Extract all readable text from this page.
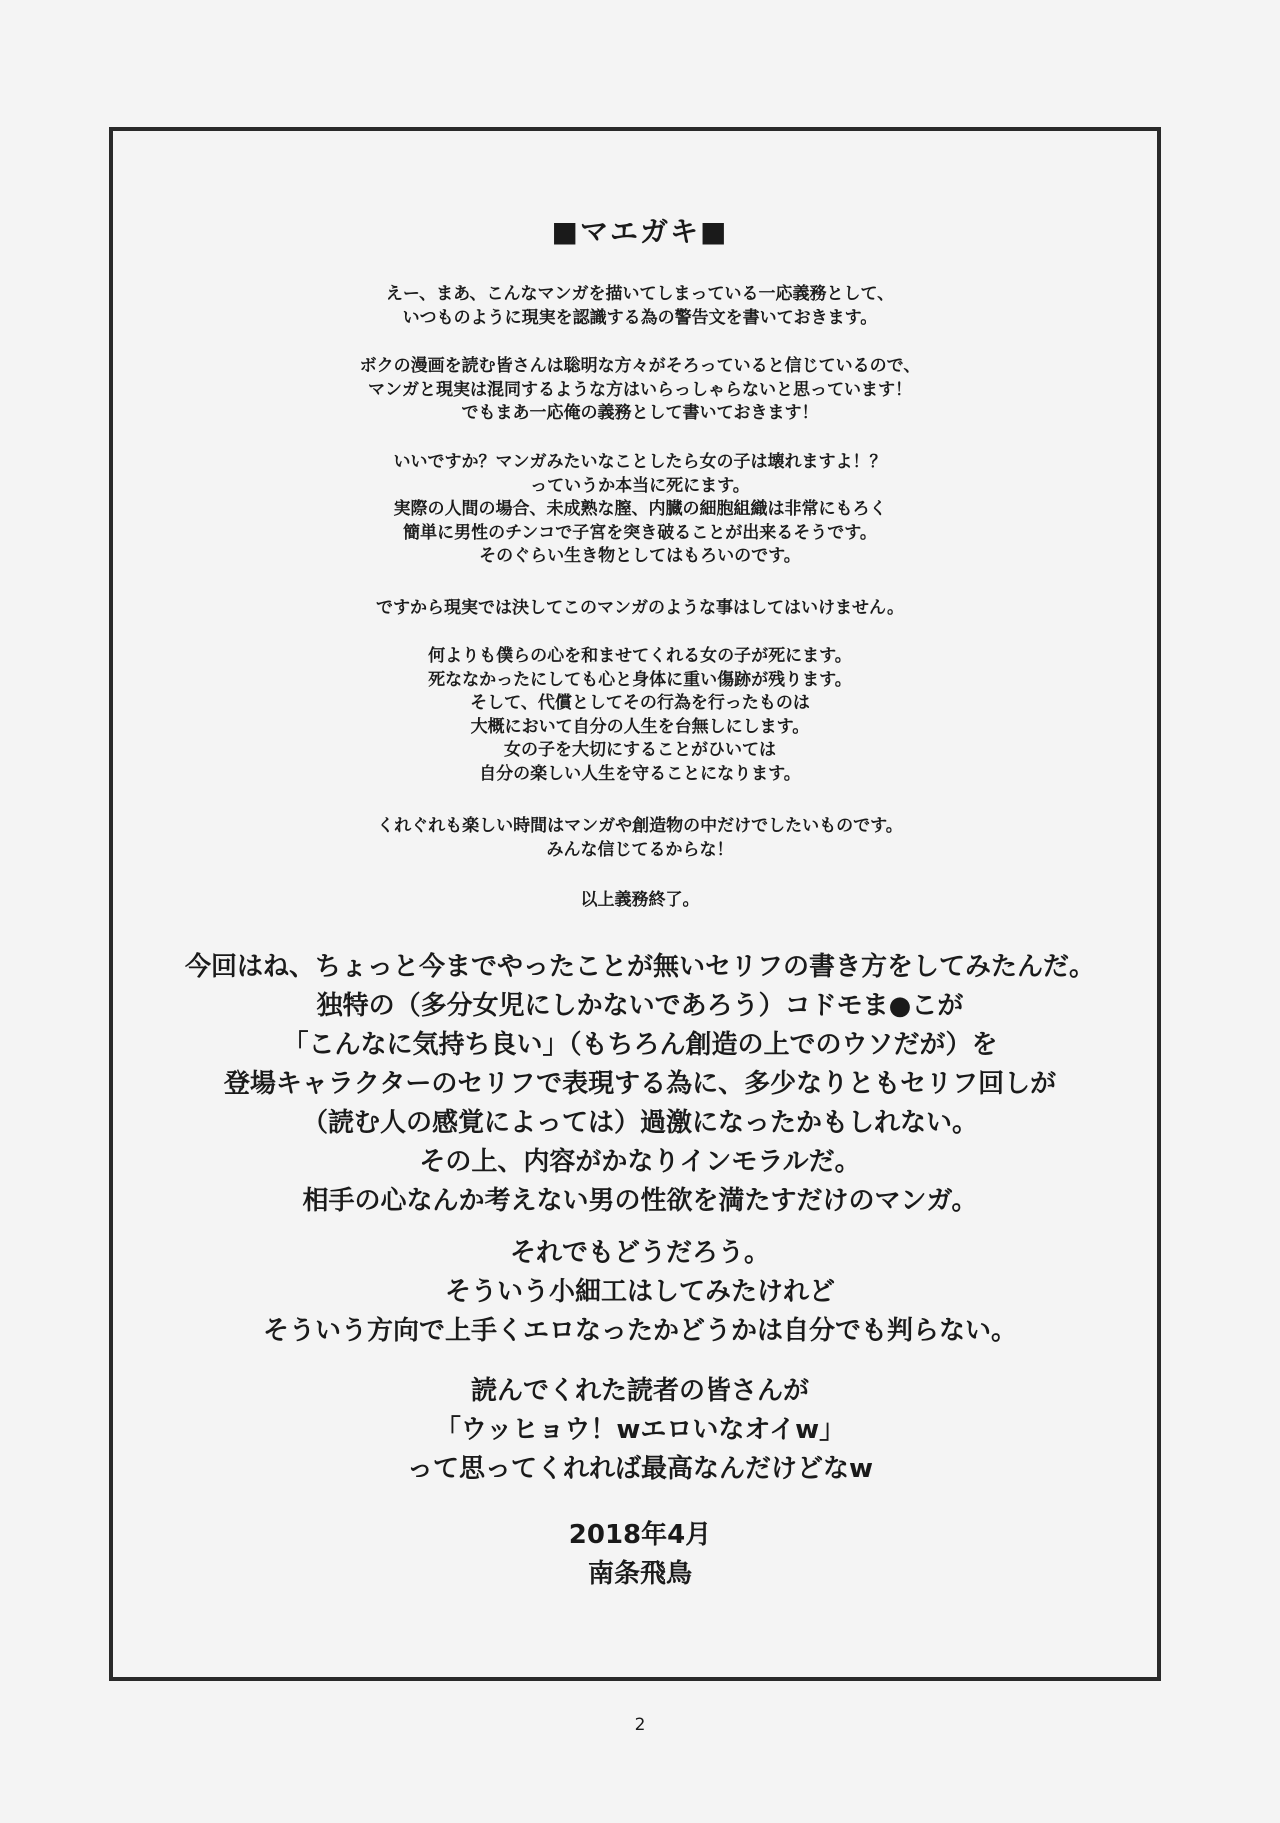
■マエガキ■

えー、まあ、こんなマンガを描いてしまっている一応義務として、

いつものように現実を認識する為の警告文を書いておきます。

ボクの漫画を読む皆さんは聡明な方々がそろっていると信じているので、

マンガと現実は混同するような方はいらっしゃらないと思っています！

でもまあ一応俺の義務として書いておきます！

いいですか？マンガみたいなことしたら女の子は壊れますよ！？

っていうか本当に死にます。

実際の人間の場合、未成熟な膣、内臓の細胞組織は非常にもろく

簡単に男性のチンコで子宮を突き破ることが出来るそうです。

そのぐらい生き物としてはもろいのです。

ですから現実では決してこのマンガのような事はしてはいけません。

何よりも僕らの心を和ませてくれる女の子が死にます。

死ななかったにしても心と身体に重い傷跡が残ります。

そして、代償としてその行為を行ったものは

大概において自分の人生を台無しにします。

女の子を大切にすることがひいては

自分の楽しい人生を守ることになります。

くれぐれも楽しい時間はマンガや創造物の中だけでしたいものです。

みんな信じてるからな！

以上義務終了。

今回はね、ちょっと今までやったことが無いセリフの書き方をしてみたんだ。

独特の（多分女児にしかないであろう）コドモま●こが

「こんなに気持ち良い」（もちろん創造の上でのウソだが）を

登場キャラクターのセリフで表現する為に、多少なりともセリフ回しが

（読む人の感覚によっては）過激になったかもしれない。

その上、内容がかなりインモラルだ。

相手の心なんか考えない男の性欲を満たすだけのマンガ。

それでもどうだろう。

そういう小細工はしてみたけれど

そういう方向で上手くエロなったかどうかは自分でも判らない。

読んでくれた読者の皆さんが

「ウッヒョウ！wエロいなオイw」

って思ってくれれば最高なんだけどなw

2018年4月

南条飛鳥

2
